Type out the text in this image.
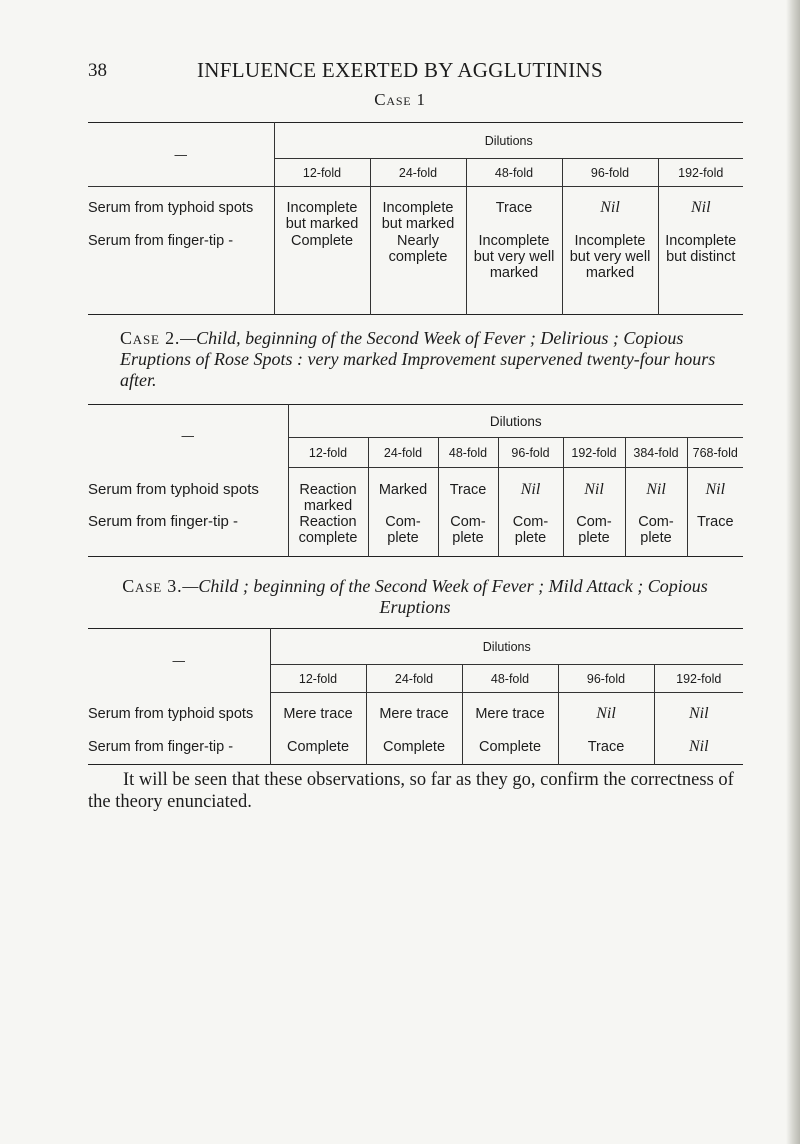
38	INFLUENCE EXERTED BY AGGLUTININS
Case 1
—	Dilutions				
	12-fold	24-fold	48-fold	96-fold	192-fold
Serum from typhoid spots	Incomplete but marked	Incomplete but marked	Trace	Nil	Nil
Serum from finger-tip -	Complete	Nearly complete	Incomplete but very well marked	Incomplete but very well marked	Incomplete but distinct
Case 2.—Child, beginning of the Second Week of Fever ; Delirious ; Copious Eruptions of Rose Spots : very marked Improvement supervened twenty-four hours after.
—	Dilutions						
	12-fold	24-fold	48-fold	96-fold	192-fold	384-fold	768-fold
Serum from typhoid spots	Reaction marked	Marked	Trace	Nil	Nil	Nil	Nil
Serum from finger-tip -	Reaction complete	Com- plete	Com- plete	Com- plete	Com- plete	Com- plete	Trace
Case 3.—Child ; beginning of the Second Week of Fever ; Mild Attack ; Copious Eruptions
—	Dilutions				
	12-fold	24-fold	48-fold	96-fold	192-fold
Serum from typhoid spots	Mere trace	Mere trace	Mere trace	Nil	Nil
Serum from finger-tip -	Complete	Complete	Complete	Trace	Nil
It will be seen that these observations, so far as they go, confirm the correctness of the theory enunciated.
